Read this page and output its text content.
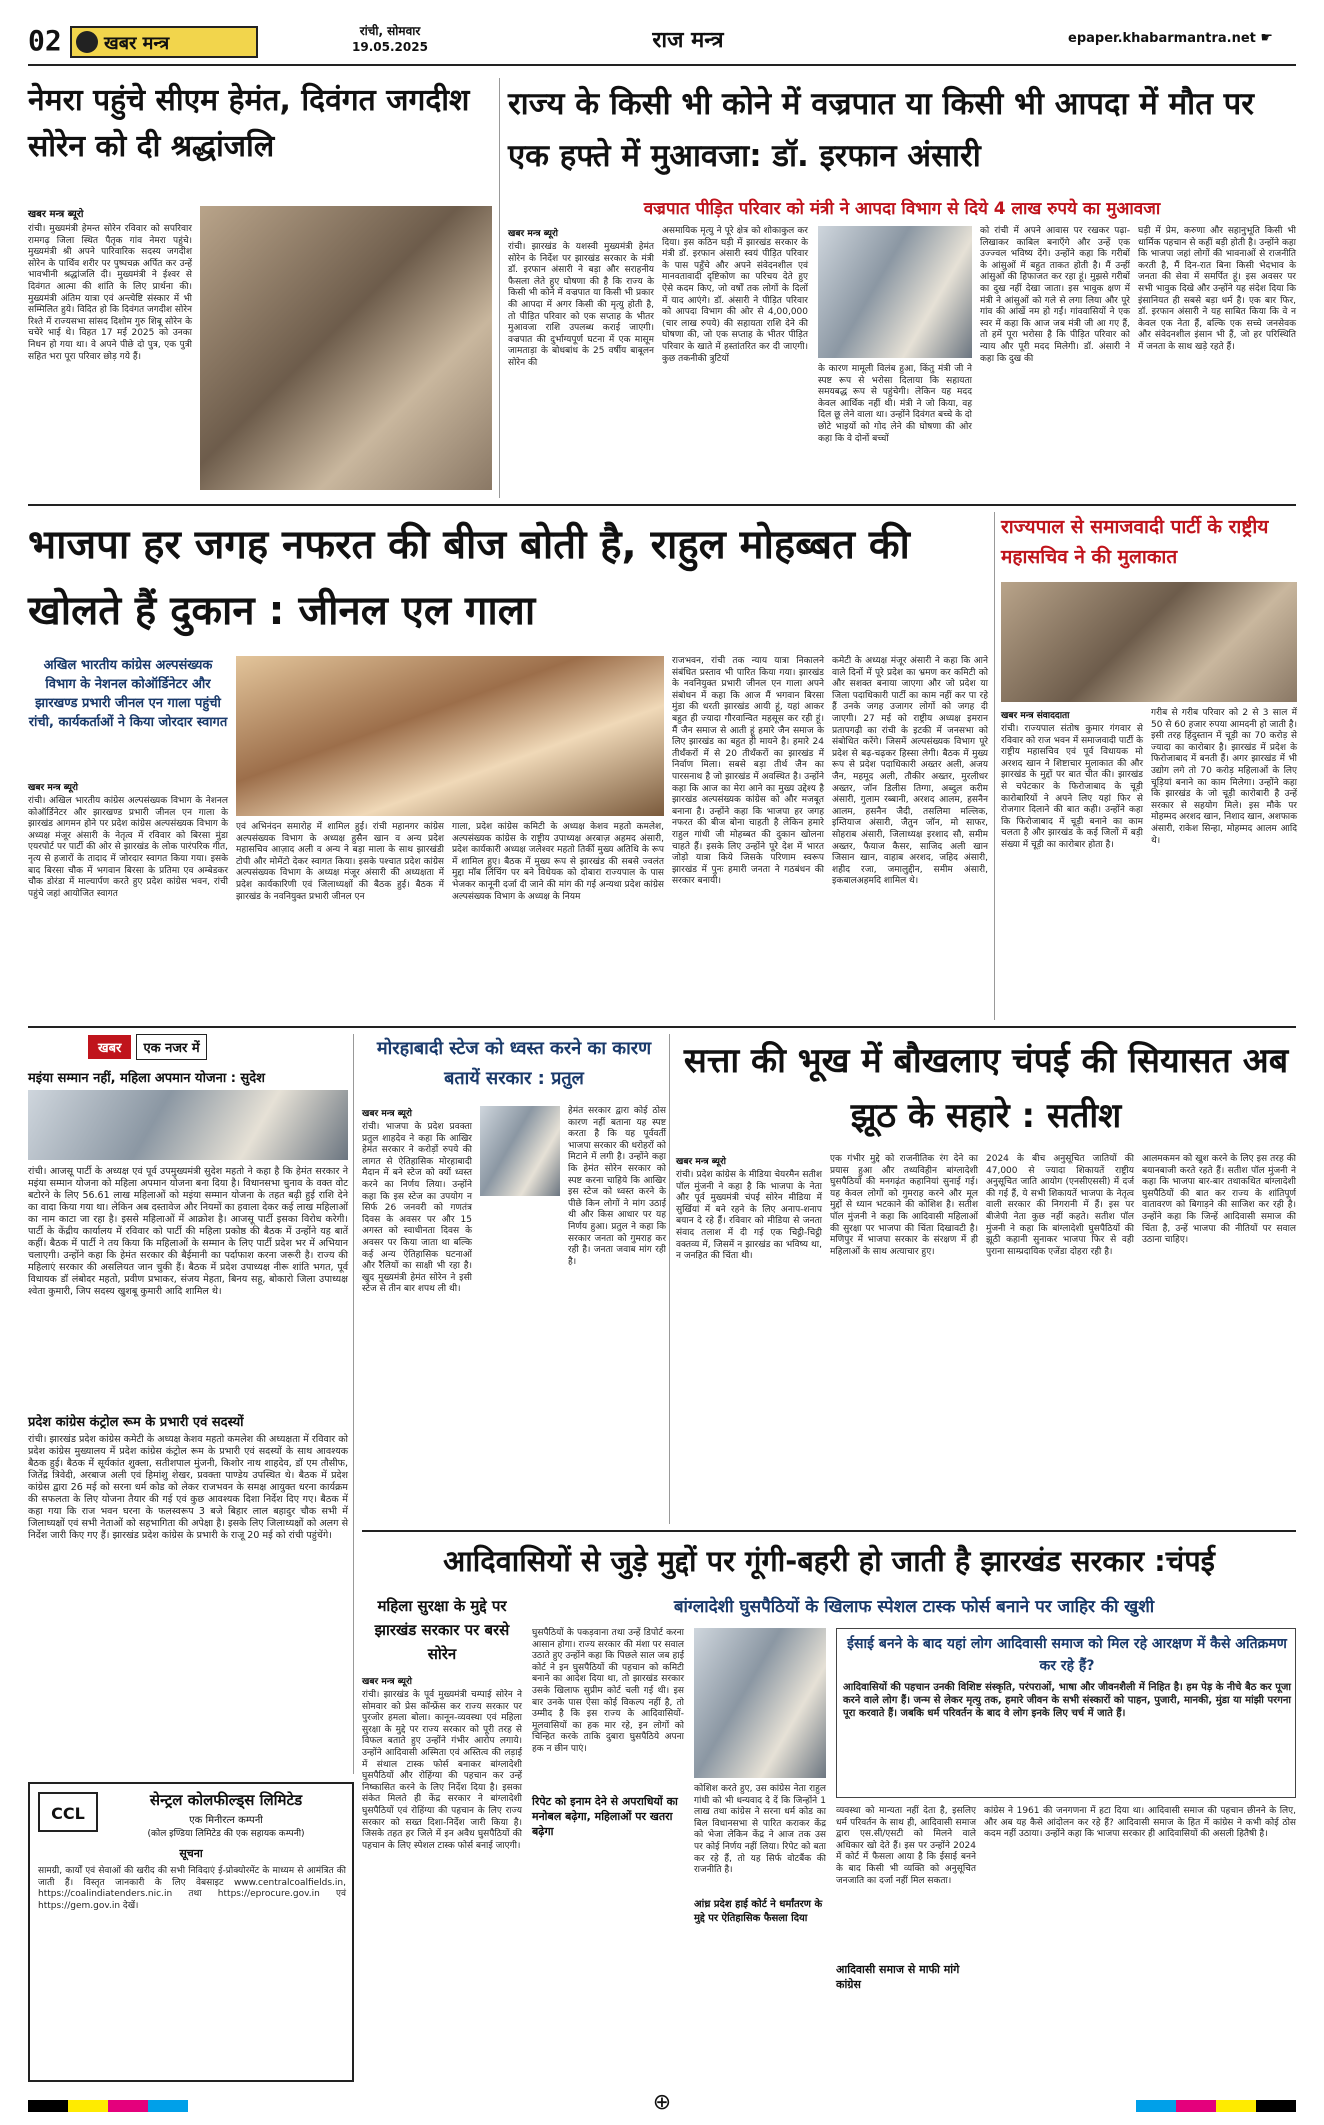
02 खबर मन्त्र
रांची, सोमवार
19.05.2025	राज मन्त्र	epaper.khabarmantra.net ☛
नेमरा पहुंचे सीएम हेमंत, दिवंगत जगदीश सोरेन को दी श्रद्धांजलि
खबर मन्त्र ब्यूरो
रांची। मुख्यमंत्री हेमन्त सोरेन रविवार को सपरिवार रामगढ़ जिला स्थित पैतृक गांव नेमरा पहुंचे। मुख्यमंत्री श्री अपने पारिवारिक सदस्य जगदीश सोरेन के पार्थिव शरीर पर पुष्पचक्र अर्पित कर उन्हें भावभीनी श्रद्धांजलि दी। मुख्यमंत्री ने ईश्वर से दिवंगत आत्मा की शांति के लिए प्रार्थना की। मुख्यमंत्री अंतिम यात्रा एवं अन्त्येष्टि संस्कार में भी सम्मिलित हुये। विदित हो कि दिवंगत जगदीश सोरेन रिश्ते में राज्यसभा सांसद दिशोम गुरु शिबू सोरेन के चचेरे भाई थे। विहत 17 मई 2025 को उनका निधन हो गया था। वे अपने पीछे दो पुत्र, एक पुत्री सहित भरा पूरा परिवार छोड़ गये हैं।
राज्य के किसी भी कोने में वज्रपात या किसी भी आपदा में मौत पर एक हफ्ते में मुआवजा: डॉ. इरफान अंसारी
वज्रपात पीड़ित परिवार को मंत्री ने आपदा विभाग से दिये 4 लाख रुपये का मुआवजा
खबर मन्त्र ब्यूरो
रांची। झारखंड के यशस्वी मुख्यमंत्री हेमंत सोरेन के निर्देश पर झारखंड सरकार के मंत्री डॉ. इरफान अंसारी ने बड़ा और सराहनीय फैसला लेते हुए घोषणा की है कि राज्य के किसी भी कोने में वज्रपात या किसी भी प्रकार की आपदा में अगर किसी की मृत्यु होती है, तो पीड़ित परिवार को एक सप्ताह के भीतर मुआवजा राशि उपलब्ध कराई जाएगी। वज्रपात की दुर्भाग्यपूर्ण घटना में एक मासूम जामताड़ा के बोधबांध के 25 वर्षीय बाबूलन सोरेन की
असमायिक मृत्यु ने पूरे क्षेत्र को शोकाकुल कर दिया। इस कठिन घड़ी में झारखंड सरकार के मंत्री डॉ. इरफान अंसारी स्वयं पीड़ित परिवार के पास पहुँचे और अपने संवेदनशील एवं मानवतावादी दृष्टिकोण का परिचय देते हुए ऐसे कदम किए, जो वर्षों तक लोगों के दिलों में याद आएंगे। डॉ. अंसारी ने पीड़ित परिवार को आपदा विभाग की ओर से 4,00,000 (चार लाख रुपये) की सहायता राशि देने की घोषणा की, जो एक सप्ताह के भीतर पीड़ित परिवार के खाते में हस्तांतरित कर दी जाएगी। कुछ तकनीकी त्रुटियों
के कारण मामूली विलंब हुआ, किंतु मंत्री जी ने स्पष्ट रूप से भरोसा दिलाया कि सहायता समयबद्ध रूप से पहुंचेगी। लेकिन यह मदद केवल आर्थिक नहीं थी। मंत्री ने जो किया, वह दिल छू लेने वाला था। उन्होंने दिवंगत बच्चे के दो छोटे भाइयों को गोद लेने की घोषणा की ओर कहा कि वे दोनों बच्चों
को रांची में अपने आवास पर रखकर पढ़ा-लिखाकर काबिल बनाएँगे और उन्हें एक उज्ज्वल भविष्य देंगे। उन्होंने कहा कि गरीबों के आंसुओं में बहुत ताकत होती है। मैं उन्हीं आंसुओं की हिफाजत कर रहा हूं। मुझसे गरीबों का दुख नहीं देखा जाता। इस भावुक क्षण में मंत्री ने आंसुओं को गले से लगा लिया और पूरे गांव की आंखें नम हो गईं। गांववासियों ने एक स्वर में कहा कि आज जब मंत्री जी आ गए हैं, तो हमें पूरा भरोसा है कि पीड़ित परिवार को न्याय और पूरी मदद मिलेगी। डॉ. अंसारी ने कहा कि दुख की
घड़ी में प्रेम, करुणा और सहानुभूति किसी भी धार्मिक पहचान से कहीं बड़ी होती है। उन्होंने कहा कि भाजपा जहां लोगों की भावनाओं से राजनीति करती है, मैं दिन-रात बिना किसी भेदभाव के जनता की सेवा में समर्पित हूं। इस अवसर पर सभी भावुक दिखे और उन्होंने यह संदेश दिया कि इंसानियत ही सबसे बड़ा धर्म है। एक बार फिर, डॉ. इरफान अंसारी ने यह साबित किया कि वे न केवल एक नेता हैं, बल्कि एक सच्चे जनसेवक और संवेदनशील इंसान भी हैं, जो हर परिस्थिति में जनता के साथ खड़े रहते हैं।
भाजपा हर जगह नफरत की बीज बोती है, राहुल मोहब्बत की खोलते हैं दुकान : जीनल एल गाला
अखिल भारतीय कांग्रेस अल्पसंख्यक विभाग के नेशनल कोऑर्डिनेटर और झारखण्ड प्रभारी जीनल एन गाला पहुंची रांची, कार्यकर्ताओं ने किया जोरदार स्वागत
खबर मन्त्र ब्यूरो
रांची। अखिल भारतीय कांग्रेस अल्पसंख्यक विभाग के नेशनल कोऑर्डिनेटर और झारखण्ड प्रभारी जीनल एन गाला के झारखंड आगमन होने पर प्रदेश कांग्रेस अल्पसंख्यक विभाग के अध्यक्ष मंजूर अंसारी के नेतृत्व में रविवार को बिरसा मुंडा एयरपोर्ट पर पार्टी की ओर से झारखंड के लोक पारंपरिक गीत, नृत्य से हजारों के तादाद में जोरदार स्वागत किया गया। इसके बाद बिरसा चौक में भगवान बिरसा के प्रतिमा एव अम्बेडकर चौक डोरंडा में माल्यार्पण करते हुए प्रदेश कांग्रेस भवन, रांची पहुंचे जहां आयोजित स्वागत
एवं अभिनंदन समारोह में शामिल हुई। रांची महानगर कांग्रेस अल्पसंख्यक विभाग के अध्यक्ष हुसैन खान व अन्य प्रदेश महासचिव आज़ाद अली व अन्य ने बड़ा माला के साथ झारखंडी टोपी और मोमेंटो देकर स्वागत किया। इसके पश्चात प्रदेश कांग्रेस अल्पसंख्यक विभाग के अध्यक्ष मंजूर अंसारी की अध्यक्षता में प्रदेश कार्यकारिणी एवं जिलाध्यक्षों की बैठक हुई। बैठक में झारखंड के नवनियुक्त प्रभारी जीनल एन
गाला, प्रदेश कांग्रेस कमिटी के अध्यक्ष केशव महतो कमलेश, अल्पसंख्यक कांग्रेस के राष्ट्रीय उपाध्यक्ष अरबाज़ अहमद अंसारी, प्रदेश कार्यकारी अध्यक्ष जलेश्वर महतो तिर्की मुख्य अतिथि के रूप में शामिल हुए। बैठक में मुख्य रूप से झारखंड की सबसे ज्वलंत मुद्दा मॉब लिंचिंग पर बने विधेयक को दोबारा राज्यपाल के पास भेजकर कानूनी दर्जा दी जाने की मांग की गई अन्यथा प्रदेश कांग्रेस अल्पसंख्यक विभाग के अध्यक्ष के नियम
राजभवन, रांची तक न्याय यात्रा निकालने संबंधित प्रस्ताव भी पारित किया गया। झारखंड के नवनियुक्त प्रभारी जीनल एन गाला अपने संबोधन में कहा कि आज मैं भगवान बिरसा मुंडा की धरती झारखंड आयी हूं, यहां आकर बहुत ही ज्यादा गौरवान्वित महसूस कर रही हूं। मैं जैन समाज से आती हूं हमारे जैन समाज के लिए झारखंड का बहुत ही मायने है। हमारे 24 तीर्थंकरों में से 20 तीर्थंकरों का झारखंड में निर्वाण मिला। सबसे बड़ा तीर्थ जैन का पारसनाथ है जो झारखंड में अवस्थित है। उन्होंने कहा कि आज का मेरा आने का मुख्य उद्देश्य है झारखंड अल्पसंख्यक कांग्रेस को और मजबूत बनाना है। उन्होंने कहा कि भाजपा हर जगह नफरत की बीज बोना चाहती है लेकिन हमारे राहुल गांधी जी मोहब्बत की दुकान खोलना चाहते हैं। इसके लिए उन्होंने पूरे देश में भारत जोड़ो यात्रा किये जिसके परिणाम स्वरूप झारखंड में पुनः हमारी जनता ने गठबंधन की सरकार बनायी।
कमेटी के अध्यक्ष मंजूर अंसारी ने कहा कि आने वाले दिनों में पूरे प्रदेश का भ्रमण कर कमिटी को और सशक्त बनाया जाएगा और जो प्रदेश या जिला पदाधिकारी पार्टी का काम नहीं कर पा रहे हैं उनके जगह उजागर लोगों को जगह दी जाएगी। 27 मई को राष्ट्रीय अध्यक्ष इमरान प्रतापगढ़ी का रांची के इटकी में जनसभा को संबोधित करेंगे। जिसमें अल्पसंख्यक विभाग पूरे प्रदेश से बढ़-चढ़कर हिस्सा लेगी। बैठक में मुख्य रूप से प्रदेश पदाधिकारी अख्तर अली, अजय जैन, महमूद अली, तौकीर अख्तर, मुरलीधर अख्तर, जॉन डिलीस तिग्गा, अब्दुल करीम अंसारी, गुलाम रब्बानी, अरशद आलम, हसनैन आलम, हसनैन जैदी, तसलिमा मल्लिक, इम्तियाज अंसारी, जैतुन जॉन, मो साफर, सोहराब अंसारी, जिलाध्यक्ष इरशाद सौ, समीम अख्तर, फैयाज कैसर, साजिद अली खान जिसान खान, वाहाब अरशद, जहिद अंसारी, शहीद रजा, जमालुद्दीन, समीम अंसारी, इकबालअहमदि शामिल थे।
राज्यपाल से समाजवादी पार्टी के राष्ट्रीय महासचिव ने की मुलाकात
खबर मन्त्र संवाददाता
रांची। राज्यपाल संतोष कुमार गंगवार से रविवार को राज भवन में समाजवादी पार्टी के राष्ट्रीय महासचिव एवं पूर्व विधायक मो अरशद खान ने शिष्टाचार मुलाकात की और झारखंड के मुद्दों पर बात चीत की। झारखंड से चपेटकार के फिरोजाबाद के चूड़ी कारोबारियों ने अपने लिए यहां फिर से रोजगार दिलाने की बात कही। उन्होंने कहा कि फिरोजाबाद में चूड़ी बनाने का काम चलता है और झारखंड के कई जिलों में बड़ी संख्या में चूड़ी का कारोबार होता है।
गरीब से गरीब परिवार को 2 से 3 साल में 50 से 60 हजार रुपया आमदनी हो जाती है। इसी तरह हिंदुस्तान में चूड़ी का 70 करोड़ से ज्यादा का कारोबार है। झारखंड में प्रदेश के फिरोजाबाद में बनती हैं। अगर झारखंड में भी उद्योग लगे तो 70 करोड़ महिलाओं के लिए चूड़ियां बनाने का काम मिलेगा। उन्होंने कहा कि झारखंड के जो चूड़ी कारोबारी है उन्हें सरकार से सहयोग मिले। इस मौके पर मोहम्मद अरशद खान, निशाद खान, अशफाक अंसारी, राकेश सिन्हा, मोहम्मद आलम आदि थे।
खबर एक नजर में
मइंया सम्मान नहीं, महिला अपमान योजना : सुदेश
रांची। आजसू पार्टी के अध्यक्ष एवं पूर्व उपमुख्यमंत्री सुदेश महतो ने कहा है कि हेमंत सरकार ने मइंया सम्मान योजना को महिला अपमान योजना बना दिया है। विधानसभा चुनाव के वक्त वोट बटोरने के लिए 56.61 लाख महिलाओं को मइंया सम्मान योजना के तहत बढ़ी हुई राशि देने का वादा किया गया था। लेकिन अब दस्तावेज और नियमों का हवाला देकर कई लाख महिलाओं का नाम काटा जा रहा है। इससे महिलाओं में आक्रोश है। आजसू पार्टी इसका विरोध करेगी। पार्टी के केंद्रीय कार्यालय में रविवार को पार्टी की महिला प्रकोष्ठ की बैठक में उन्होंने यह बातें कहीं। बैठक में पार्टी ने तय किया कि महिलाओं के सम्मान के लिए पार्टी प्रदेश भर में अभियान चलाएगी। उन्होंने कहा कि हेमंत सरकार की बैईमानी का पर्दाफाश करना जरूरी है। राज्य की महिलाएं सरकार की असलियत जान चुकी हैं। बैठक में प्रदेश उपाध्यक्ष नीरू शांति भगत, पूर्व विधायक डॉ लंबोदर महतो, प्रवीण प्रभाकर, संजय मेहता, बिनय सहू, बोकारो जिला उपाध्यक्ष श्वेता कुमारी, जिप सदस्य खुशबू कुमारी आदि शामिल थे।
प्रदेश कांग्रेस कंट्रोल रूम के प्रभारी एवं सदस्यों
रांची। झारखंड प्रदेश कांग्रेस कमेटी के अध्यक्ष केशव महतो कमलेश की अध्यक्षता में रविवार को प्रदेश कांग्रेस मुख्यालय में प्रदेश कांग्रेस कंट्रोल रूम के प्रभारी एवं सदस्यों के साथ आवश्यक बैठक हुई। बैठक में सूर्यकांत शुक्ला, सतीशपाल मुंजनी, किशोर नाथ शाहदेव, डॉ एम तौसीफ, जितेंद्र त्रिवेदी, अरबाज अली एवं हिमांशु शेखर, प्रवक्ता पाण्डेय उपस्थित थे। बैठक में प्रदेश कांग्रेस द्वारा 26 मई को सरना धर्म कोड को लेकर राजभवन के समक्ष आयुक्त धरना कार्यक्रम की सफलता के लिए योजना तैयार की गई एवं कुछ आवश्यक दिशा निर्देश दिए गए। बैठक में कहा गया कि राज भवन घरना के फलस्वरूप 3 बजे बिहार लाल बहादुर चौक सभी में जिलाध्यक्षों एवं सभी नेताओं को सहभागिता की अपेक्षा है। इसके लिए जिलाध्यक्षों को अलग से निर्देश जारी किए गए हैं। झारखंड प्रदेश कांग्रेस के प्रभारी के राजू 20 मई को रांची पहुंचेंगे।
मोरहाबादी स्टेज को ध्वस्त करने का कारण बतायें सरकार : प्रतुल
खबर मन्त्र ब्यूरो
रांची। भाजपा के प्रदेश प्रवक्ता प्रतुल शाहदेव ने कहा कि आखिर हेमंत सरकार ने करोड़ों रुपये की लागत से ऐतिहासिक मोरहाबादी मैदान में बने स्टेज को क्यों ध्वस्त करने का निर्णय लिया। उन्होंने कहा कि इस स्टेज का उपयोग न सिर्फ 26 जनवरी को गणतंत्र दिवस के अवसर पर और 15 अगस्त को स्वाधीनता दिवस के अवसर पर किया जाता था बल्कि कई अन्य ऐतिहासिक घटनाओं और रैलियों का साक्षी भी रहा है। खुद मुख्यमंत्री हेमंत सोरेन ने इसी स्टेज से तीन बार शपथ ली थी।
हेमंत सरकार द्वारा कोई ठोस कारण नहीं बताना यह स्पष्ट करता है कि यह पूर्ववर्ती भाजपा सरकार की धरोहरों को मिटाने में लगी है। उन्होंने कहा कि हेमंत सोरेन सरकार को स्पष्ट करना चाहिये कि आखिर इस स्टेज को ध्वस्त करने के पीछे किन लोगों ने मांग उठाई थी और किस आधार पर यह निर्णय हुआ। प्रतुल ने कहा कि सरकार जनता को गुमराह कर रही है। जनता जवाब मांग रही है।
सत्ता की भूख में बौखलाए चंपई की सियासत अब झूठ के सहारे : सतीश
खबर मन्त्र ब्यूरो
रांची। प्रदेश कांग्रेस के मीडिया चेयरमैन सतीश पॉल मुंजनी ने कहा है कि भाजपा के नेता और पूर्व मुख्यमंत्री चंपई सोरेन मीडिया में सुर्खियां में बने रहने के लिए अनाप-शनाप बयान दे रहे हैं। रविवार को मीडिया से जनता संवाद तलाश में दी गई एक चिट्ठी-चिट्ठी वक्तव्य में, जिसमें न झारखंड का भविष्य था, न जनहित की चिंता थी।
एक गंभीर मुद्दे को राजनीतिक रंग देने का प्रयास हुआ और तथ्यविहीन बांग्लादेशी घुसपैठियों की मनगढ़ंत कहानियां सुनाई गई। यह केवल लोगों को गुमराह करने और मूल मुद्दों से ध्यान भटकाने की कोशिश है। सतीश पॉल मुंजनी ने कहा कि आदिवासी महिलाओं की सुरक्षा पर भाजपा की चिंता दिखावटी है। मणिपुर में भाजपा सरकार के संरक्षण में ही महिलाओं के साथ अत्याचार हुए।
2024 के बीच अनुसूचित जातियों की 47,000 से ज्यादा शिकायतें राष्ट्रीय अनुसूचित जाति आयोग (एनसीएससी) में दर्ज की गई हैं, ये सभी शिकायतें भाजपा के नेतृत्व वाली सरकार की निगरानी में हैं। इस पर बीजेपी नेता कुछ नहीं कहते। सतीश पॉल मुंजनी ने कहा कि बांग्लादेशी घुसपैठियों की झूठी कहानी सुनाकर भाजपा फिर से वही पुराना साम्प्रदायिक एजेंडा दोहरा रही है।
आलमकमन को खुश करने के लिए इस तरह की बयानबाजी करते रहते हैं। सतीश पॉल मुंजनी ने कहा कि भाजपा बार-बार तथाकथित बांग्लादेशी घुसपैठियों की बात कर राज्य के शांतिपूर्ण वातावरण को बिगाड़ने की साजिश कर रही है। उन्होंने कहा कि जिन्हें आदिवासी समाज की चिंता है, उन्हें भाजपा की नीतियों पर सवाल उठाना चाहिए।
आदिवासियों से जुड़े मुद्दों पर गूंगी-बहरी हो जाती है झारखंड सरकार :चंपई
महिला सुरक्षा के मुद्दे पर झारखंड सरकार पर बरसे सोरेन
बांग्लादेशी घुसपैठियों के खिलाफ स्पेशल टास्क फोर्स बनाने पर जाहिर की खुशी
खबर मन्त्र ब्यूरो
रांची। झारखंड के पूर्व मुख्यमंत्री चम्पाई सोरेन ने सोमवार को प्रेस कॉन्फ्रेंस कर राज्य सरकार पर पुरजोर हमला बोला। कानून-व्यवस्था एवं महिला सुरक्षा के मुद्दे पर राज्य सरकार को पूरी तरह से विफल बताते हुए उन्होंने गंभीर आरोप लगाये। उन्होंने आदिवासी अस्मिता एवं अस्तित्व की लड़ाई में संथाल टास्क फोर्स बनाकर बांग्लादेशी घुसपैठियों और रोहिंग्या की पहचान कर उन्हें निष्कासित करने के लिए निर्देश दिया है। इसका संकेत मिलते ही केंद्र सरकार ने बांग्लादेशी घुसपैठियों एवं रोहिंग्या की पहचान के लिए राज्य सरकार को सख्त दिशा-निर्देश जारी किया है। जिसके तहत हर जिले में इन अवैध घुसपैठियों की पहचान के लिए स्पेशल टास्क फोर्स बनाई जाएगी।
घुसपैठियों के पकड़वाना तथा उन्हें डिपोर्ट करना आसान होगा। राज्य सरकार की मंशा पर सवाल उठाते हुए उन्होंने कहा कि पिछले साल जब हाई कोर्ट ने इन घुसपैठियों की पहचान को कमिटी बनाने का आदेश दिया था, तो झारखंड सरकार उसके खिलाफ सुप्रीम कोर्ट चली गई थी। इस बार उनके पास ऐसा कोई विकल्प नहीं है, तो उम्मीद है कि इस राज्य के आदिवासियों-मूलवासियों का हक मार रहे, इन लोगों को चिन्हित करके ताकि दुबारा घुसपैठिये अपना हक न छीन पाएं।
रिपेट को इनाम देने से अपराधियों का मनोबल बढ़ेगा, महिलाओं पर खतरा बढ़ेगा
ईसाई बनने के बाद यहां लोग आदिवासी समाज को मिल रहे आरक्षण में कैसे अतिक्रमण कर रहे हैं?
आदिवासियों की पहचान उनकी विशिष्ट संस्कृति, परंपराओं, भाषा और जीवनशैली में निहित है। हम पेड़ के नीचे बैठ कर पूजा करने वाले लोग हैं। जन्म से लेकर मृत्यु तक, हमारे जीवन के सभी संस्कारों को पाहन, पुजारी, मानकी, मुंडा या मांझी परगना पूरा करवाते हैं। जबकि धर्म परिवर्तन के बाद वे लोग इनके लिए चर्च में जाते हैं।
कोशिश करते हुए, उस कांग्रेस नेता राहुल गांधी को भी धन्यवाद दे दें कि जिन्होंने 1 लाख तथा कांग्रेस ने सरना धर्म कोड का बिल विधानसभा से पारित कराकर केंद्र को भेजा लेकिन केंद्र ने आज तक उस पर कोई निर्णय नहीं लिया। रिपेट को बता कर रहे हैं, तो यह सिर्फ वोटबैंक की राजनीति है।
आंध्र प्रदेश हाई कोर्ट ने धर्मांतरण के मुद्दे पर ऐतिहासिक फैसला दिया
व्यवस्था को मान्यता नहीं देता है, इसलिए धर्म परिवर्तन के साथ ही, आदिवासी समाज द्वारा एस.सी/एसटी को मिलने वाले अधिकार खो देते हैं। इस पर उन्होंने 2024 में कोर्ट में फैसला आया है कि ईसाई बनने के बाद किसी भी व्यक्ति को अनुसूचित जनजाति का दर्जा नहीं मिल सकता।
आदिवासी समाज से माफी मांगे कांग्रेस
कांग्रेस ने 1961 की जनगणना में हटा दिया था। आदिवासी समाज की पहचान छीनने के लिए, और अब यह कैसे आंदोलन कर रहे हैं? आदिवासी समाज के हित में कांग्रेस ने कभी कोई ठोस कदम नहीं उठाया। उन्होंने कहा कि भाजपा सरकार ही आदिवासियों की असली हितैषी है।
CCL
सेन्ट्रल कोलफील्ड्स लिमिटेड
एक मिनीरत्न कम्पनी
(कोल इण्डिया लिमिटेड की एक सहायक कम्पनी)
सूचना
सामग्री, कार्यों एवं सेवाओं की खरीद की सभी निविदाएं ई-प्रोक्योरमेंट के माध्यम से आमंत्रित की जाती हैं। विस्तृत जानकारी के लिए वेबसाइट www.centralcoalfields.in, https://coalindiatenders.nic.in तथा https://eprocure.gov.in एवं https://gem.gov.in देखें।
⊕
